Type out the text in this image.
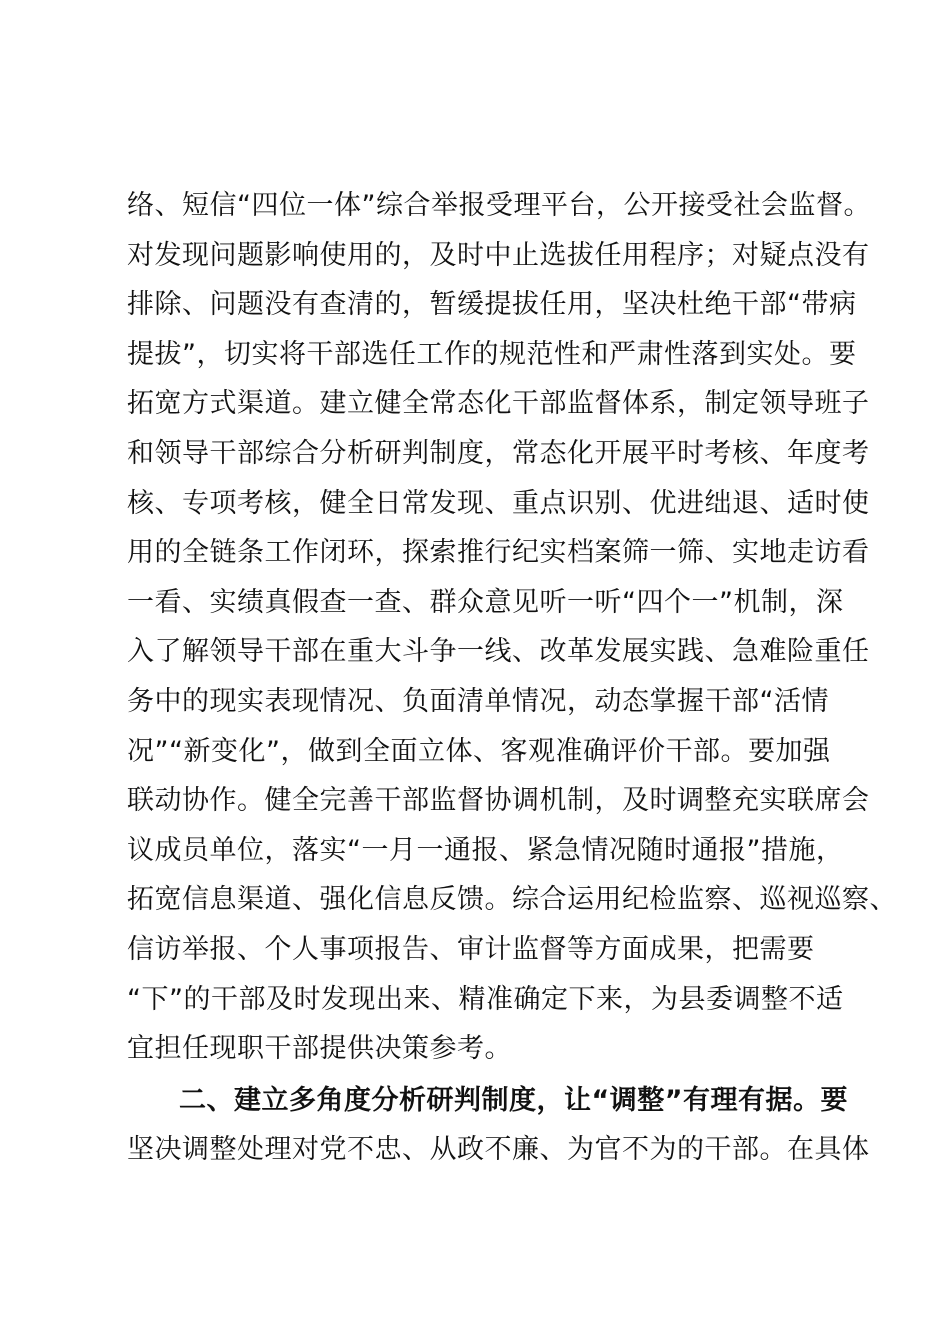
络、短信“四位一体”综合举报受理平台，公开接受社会监督。
对发现问题影响使用的，及时中止选拔任用程序；对疑点没有
排除、问题没有查清的，暂缓提拔任用，坚决杜绝干部“带病
提拔”，切实将干部选任工作的规范性和严肃性落到实处。要
拓宽方式渠道。建立健全常态化干部监督体系，制定领导班子
和领导干部综合分析研判制度，常态化开展平时考核、年度考
核、专项考核，健全日常发现、重点识别、优进绌退、适时使
用的全链条工作闭环，探索推行纪实档案筛一筛、实地走访看
一看、实绩真假查一查、群众意见听一听“四个一”机制，深
入了解领导干部在重大斗争一线、改革发展实践、急难险重任
务中的现实表现情况、负面清单情况，动态掌握干部“活情
况”“新变化”，做到全面立体、客观准确评价干部。要加强
联动协作。健全完善干部监督协调机制，及时调整充实联席会
议成员单位，落实“一月一通报、紧急情况随时通报”措施，
拓宽信息渠道、强化信息反馈。综合运用纪检监察、巡视巡察、
信访举报、个人事项报告、审计监督等方面成果，把需要
“下”的干部及时发现出来、精准确定下来，为县委调整不适
宜担任现职干部提供决策参考。
二、建立多角度分析研判制度，让“调整”有理有据。要
坚决调整处理对党不忠、从政不廉、为官不为的干部。在具体
